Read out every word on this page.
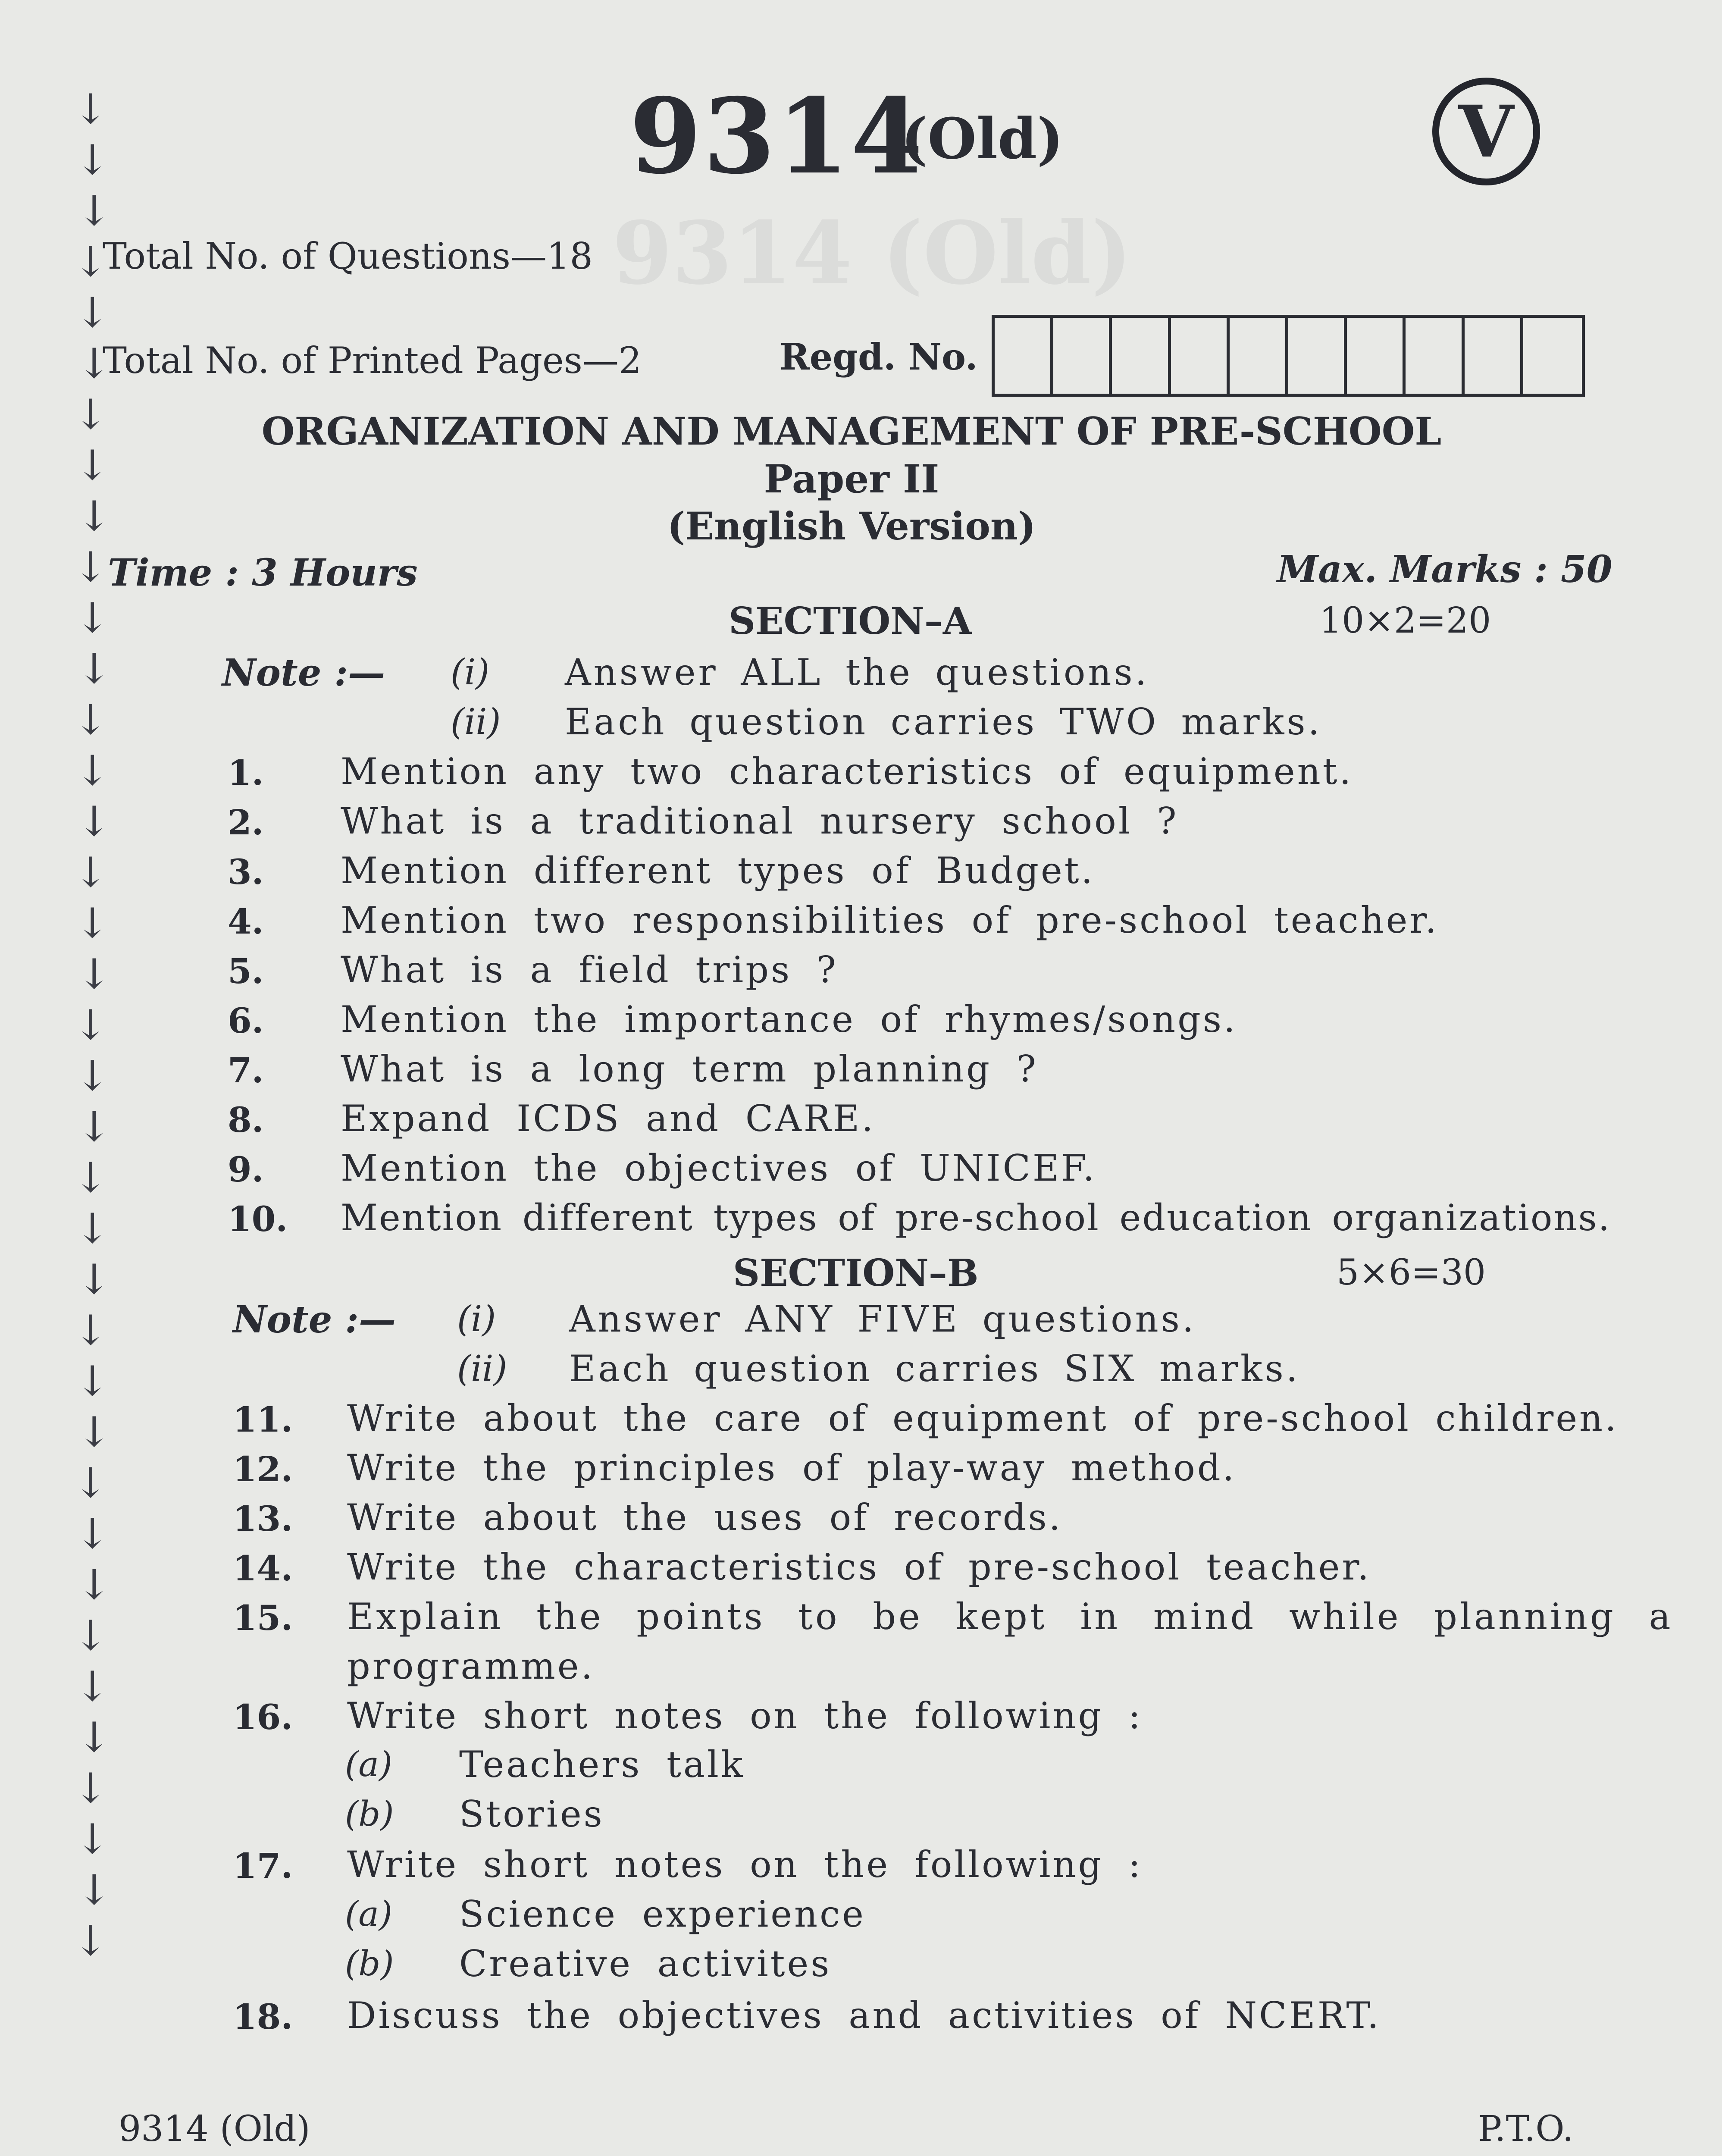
↓
↓
↓
↓
↓
↓
↓
↓
↓
↓
↓
↓
↓
↓
↓
↓
↓
↓
↓
↓
↓
↓
↓
↓
↓
↓
↓
↓
↓
↓
↓
↓
↓
↓
↓
↓
↓
9314 (Old)
9314
(Old)	V
Total No. of Questions—18
Total No. of Printed Pages—2	Regd. No.
ORGANIZATION AND MANAGEMENT OF PRE-SCHOOL
Paper II
(English Version)
Time : 3 Hours	Max. Marks : 50
SECTION–A	10×2=20
Note :— (i) Answer ALL the questions.
(ii) Each question carries TWO marks.
1. Mention any two characteristics of equipment.
2. What is a traditional nursery school ?
3. Mention different types of Budget.
4. Mention two responsibilities of pre-school teacher.
5. What is a field trips ?
6. Mention the importance of rhymes/songs.
7. What is a long term planning ?
8. Expand ICDS and CARE.
9. Mention the objectives of UNICEF.
10. Mention different types of pre-school education organizations.
SECTION–B	5×6=30
Note :— (i) Answer ANY FIVE questions.
(ii) Each question carries SIX marks.
11. Write about the care of equipment of pre-school children.
12. Write the principles of play-way method.
13. Write about the uses of records.
14. Write the characteristics of pre-school teacher.
15. Explain the points to be kept in mind while planning a
programme.
16. Write short notes on the following :
(a) Teachers talk
(b) Stories
17. Write short notes on the following :
(a) Science experience
(b) Creative activites
18. Discuss the objectives and activities of NCERT.
9314 (Old)	P.T.O.
